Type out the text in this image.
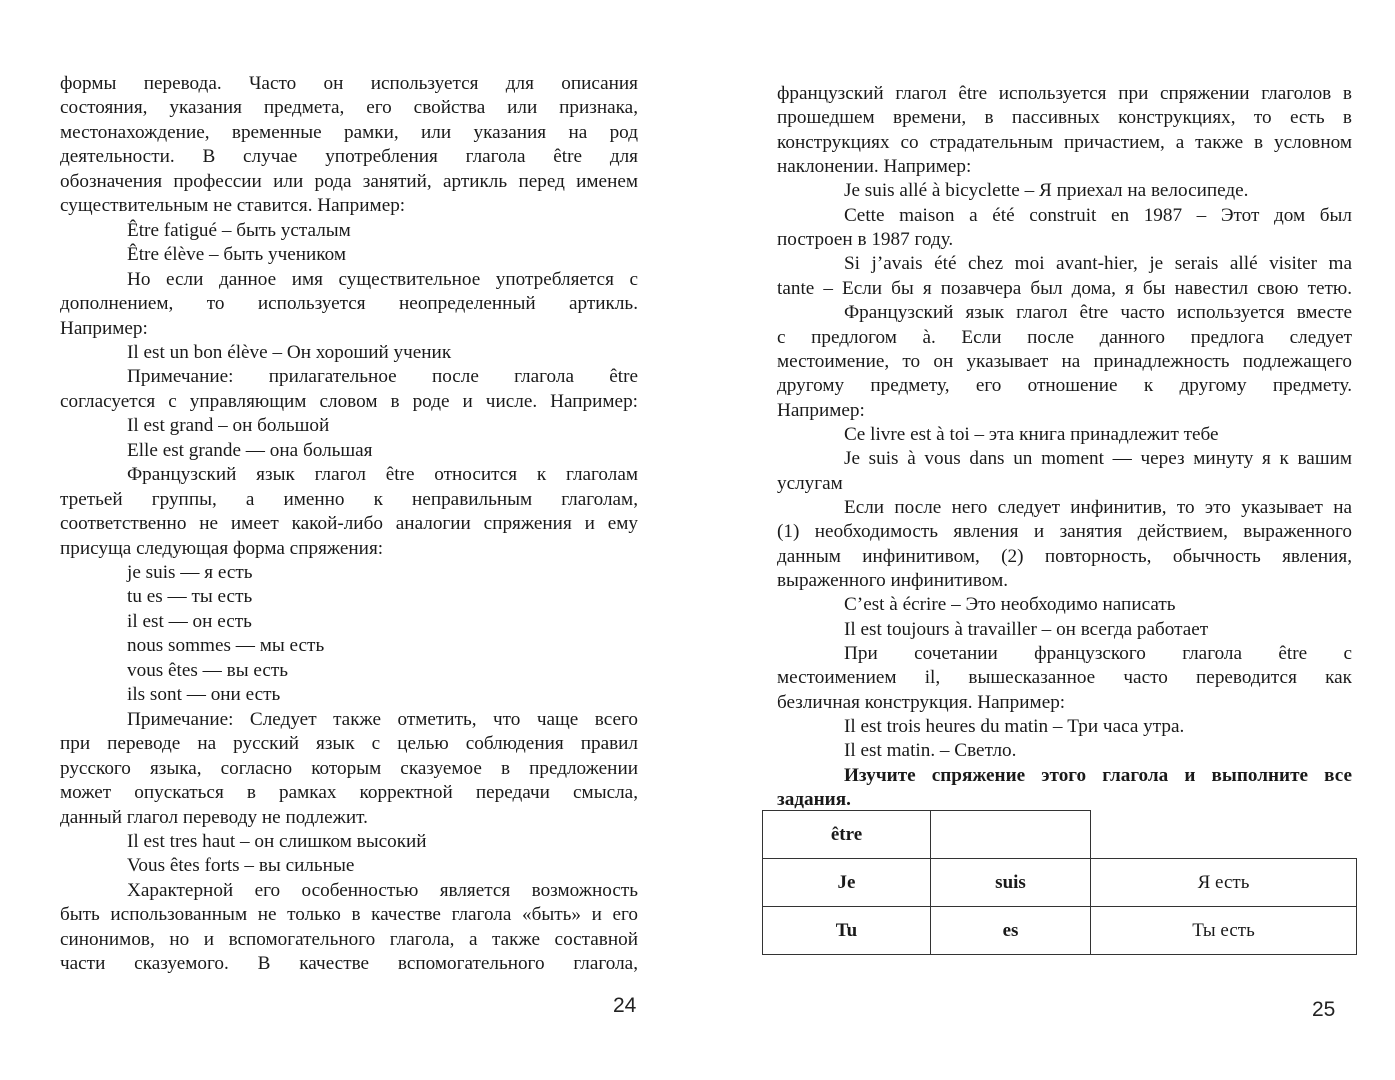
формы перевода. Часто он используется для описания
состояния, указания предмета, его свойства или признака,
местонахождение, временные рамки, или указания на род
деятельности. В случае употребления глагола être для
обозначения профессии или рода занятий, артикль перед именем
существительным не ставится. Например:
Être fatigué – быть усталым
Être élève – быть учеником
Но если данное имя существительное употребляется с
дополнением, то используется неопределенный артикль.
Например:
Il est un bon élève – Он хороший ученик
Примечание: прилагательное после глагола être
согласуется с управляющим словом в роде и числе. Например:
Il est grand – он большой
Elle est grande — она большая
Французский язык глагол être относится к глаголам
третьей группы, а именно к неправильным глаголам,
соответственно не имеет какой-либо аналогии спряжения и ему
присуща следующая форма спряжения:
je suis — я есть
tu es — ты есть
il est — он есть
nous sommes — мы есть
vous êtes — вы есть
ils sont — они есть
Примечание: Следует также отметить, что чаще всего
при переводе на русский язык с целью соблюдения правил
русского языка, согласно которым сказуемое в предложении
может опускаться в рамках корректной передачи смысла,
данный глагол переводу не подлежит.
Il est tres haut – он слишком высокий
Vous êtes forts – вы сильные
Характерной его особенностью является возможность
быть использованным не только в качестве глагола «быть» и его
синонимов, но и вспомогательного глагола, а также составной
части сказуемого. В качестве вспомогательного глагола,
24
французский глагол être используется при спряжении глаголов в
прошедшем времени, в пассивных конструкциях, то есть в
конструкциях со страдательным причастием, а также в условном
наклонении. Например:
Je suis allé à bicyclette – Я приехал на велосипеде.
Cette maison a été construit en 1987 – Этот дом был
построен в 1987 году.
Si j’avais été chez moi avant-hier, je serais allé visiter ma
tante – Если бы я позавчера был дома, я бы навестил свою тетю.
Французский язык глагол être часто используется вместе
с предлогом à. Если после данного предлога следует
местоимение, то он указывает на принадлежность подлежащего
другому предмету, его отношение к другому предмету.
Например:
Ce livre est à toi – эта книга принадлежит тебе
Je suis à vous dans un moment — через минуту я к вашим
услугам
Если после него следует инфинитив, то это указывает на
(1) необходимость явления и занятия действием, выраженного
данным инфинитивом, (2) повторность, обычность явления,
выраженного инфинитивом.
C’est à écrire – Это необходимо написать
Il est toujours à travailler – он всегда работает
При сочетании французского глагола être с
местоимением il, вышесказанное часто переводится как
безличная конструкция. Например:
Il est trois heures du matin – Три часа утра.
Il est matin. – Светло.
Изучите спряжение этого глагола и выполните все
задания.
être		
Je	suis	Я есть
Tu	es	Ты есть
25
